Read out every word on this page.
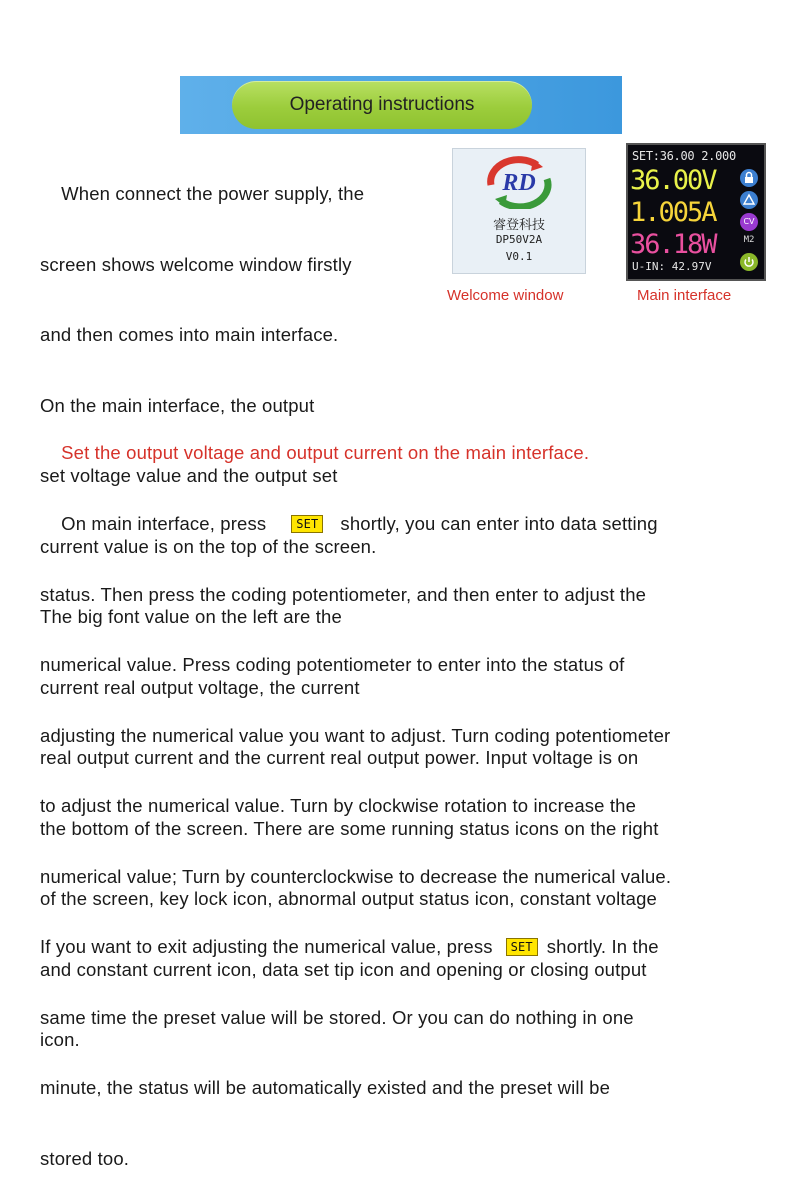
Operating instructions

When connect the power supply, the

screen shows welcome window firstly

and then comes into main interface.

On the main interface, the output

set voltage value and the output set

current value is on the top of the screen.

The big font value on the left are the

current real output voltage, the current

real output current and the current real output power. Input voltage is on

the bottom of the screen. There are some running status icons on the right

of the screen, key lock icon, abnormal output status icon, constant voltage

and constant current icon, data set tip icon and opening or closing output

icon.

Set the output voltage and output current on the main interface.

On main interface, press	SET shortly, you can enter into data setting

status. Then press the coding potentiometer, and then enter to adjust the

numerical value. Press coding potentiometer to enter into the status of

adjusting the numerical value you want to adjust. Turn coding potentiometer

to adjust the numerical value. Turn by clockwise rotation to increase the

numerical value; Turn by counterclockwise to decrease the numerical value.

If you want to exit adjusting the numerical value, press SET shortly. In the

same time the preset value will be stored. Or you can do nothing in one

minute, the status will be automatically existed and the preset will be

stored too.

RD
睿登科技
DP50V2A
V0.1
Welcome window
SET:36.00 2.000
36.00V
1.005A
36.18W
U-IN: 42.97V
CV
M2
Main interface
